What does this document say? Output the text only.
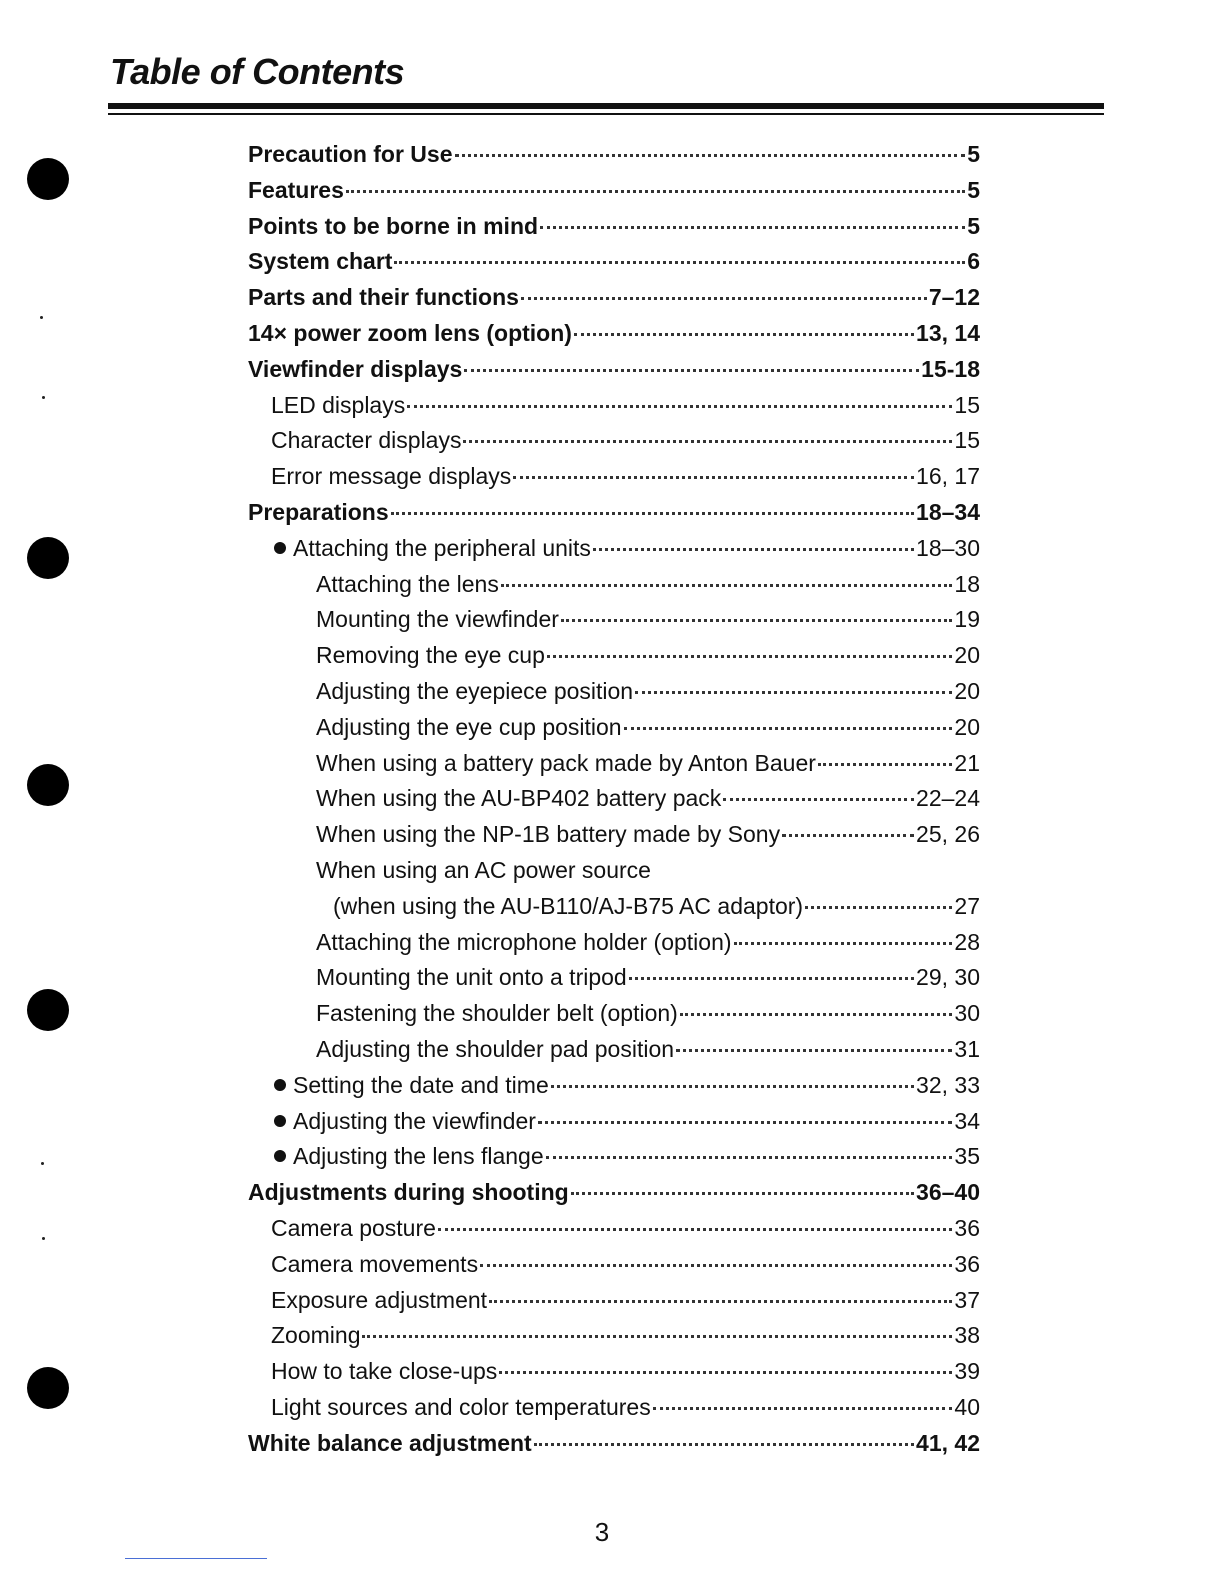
Table of Contents
Precaution for Use	5
Features	5
Points to be borne in mind	5
System chart	6
Parts and their functions	7–12
14× power zoom lens (option)	13, 14
Viewfinder displays	15-18
LED displays	15
Character displays	15
Error message displays	16, 17
Preparations	18–34
Attaching the peripheral units	18–30
Attaching the lens	18
Mounting the viewfinder	19
Removing the eye cup	20
Adjusting the eyepiece position	20
Adjusting the eye cup position	20
When using a battery pack made by Anton Bauer	21
When using the AU-BP402 battery pack	22–24
When using the NP-1B battery made by Sony	25, 26
When using an AC power source
(when using the AU-B110/AJ-B75 AC adaptor)	27
Attaching the microphone holder (option)	28
Mounting the unit onto a tripod	29, 30
Fastening the shoulder belt (option)	30
Adjusting the shoulder pad position	31
Setting the date and time	32, 33
Adjusting the viewfinder	34
Adjusting the lens flange	35
Adjustments during shooting	36–40
Camera posture	36
Camera movements	36
Exposure adjustment	37
Zooming	38
How to take close-ups	39
Light sources and color temperatures	40
White balance adjustment	41, 42
3
